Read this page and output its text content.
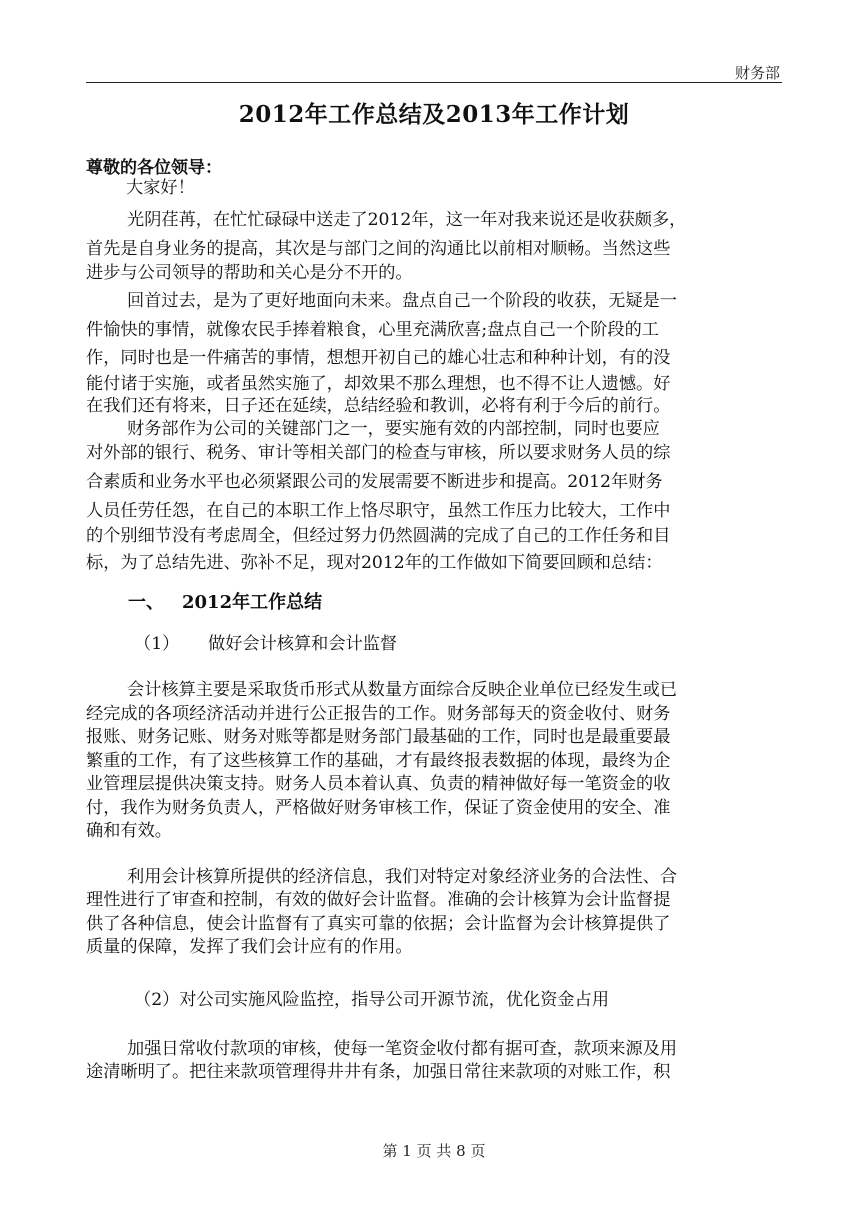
财务部
2012年工作总结及2013年工作计划
尊敬的各位领导：
大家好！
光阴荏苒，在忙忙碌碌中送走了2012年，这一年对我来说还是收获颇多，
首先是自身业务的提高，其次是与部门之间的沟通比以前相对顺畅。当然这些
进步与公司领导的帮助和关心是分不开的。
回首过去，是为了更好地面向未来。盘点自己一个阶段的收获，无疑是一
件愉快的事情，就像农民手捧着粮食，心里充满欣喜;盘点自己一个阶段的工
作，同时也是一件痛苦的事情，想想开初自己的雄心壮志和种种计划，有的没
能付诸于实施，或者虽然实施了，却效果不那么理想，也不得不让人遗憾。好
在我们还有将来，日子还在延续，总结经验和教训，必将有利于今后的前行。
财务部作为公司的关键部门之一，要实施有效的内部控制，同时也要应
对外部的银行、税务、审计等相关部门的检查与审核，所以要求财务人员的综
合素质和业务水平也必须紧跟公司的发展需要不断进步和提高。2012年财务
人员任劳任怨，在自己的本职工作上恪尽职守，虽然工作压力比较大，工作中
的个别细节没有考虑周全，但经过努力仍然圆满的完成了自己的工作任务和目
标，为了总结先进、弥补不足，现对2012年的工作做如下简要回顾和总结：
一、 2012年工作总结
（1） 做好会计核算和会计监督
会计核算主要是采取货币形式从数量方面综合反映企业单位已经发生或已
经完成的各项经济活动并进行公正报告的工作。财务部每天的资金收付、财务
报账、财务记账、财务对账等都是财务部门最基础的工作，同时也是最重要最
繁重的工作，有了这些核算工作的基础，才有最终报表数据的体现，最终为企
业管理层提供决策支持。财务人员本着认真、负责的精神做好每一笔资金的收
付，我作为财务负责人，严格做好财务审核工作，保证了资金使用的安全、准
确和有效。
利用会计核算所提供的经济信息，我们对特定对象经济业务的合法性、合
理性进行了审查和控制，有效的做好会计监督。准确的会计核算为会计监督提
供了各种信息，使会计监督有了真实可靠的依据；会计监督为会计核算提供了
质量的保障，发挥了我们会计应有的作用。
（2）对公司实施风险监控，指导公司开源节流，优化资金占用
加强日常收付款项的审核，使每一笔资金收付都有据可查，款项来源及用
途清晰明了。把往来款项管理得井井有条，加强日常往来款项的对账工作，积
第 1 页 共 8 页
